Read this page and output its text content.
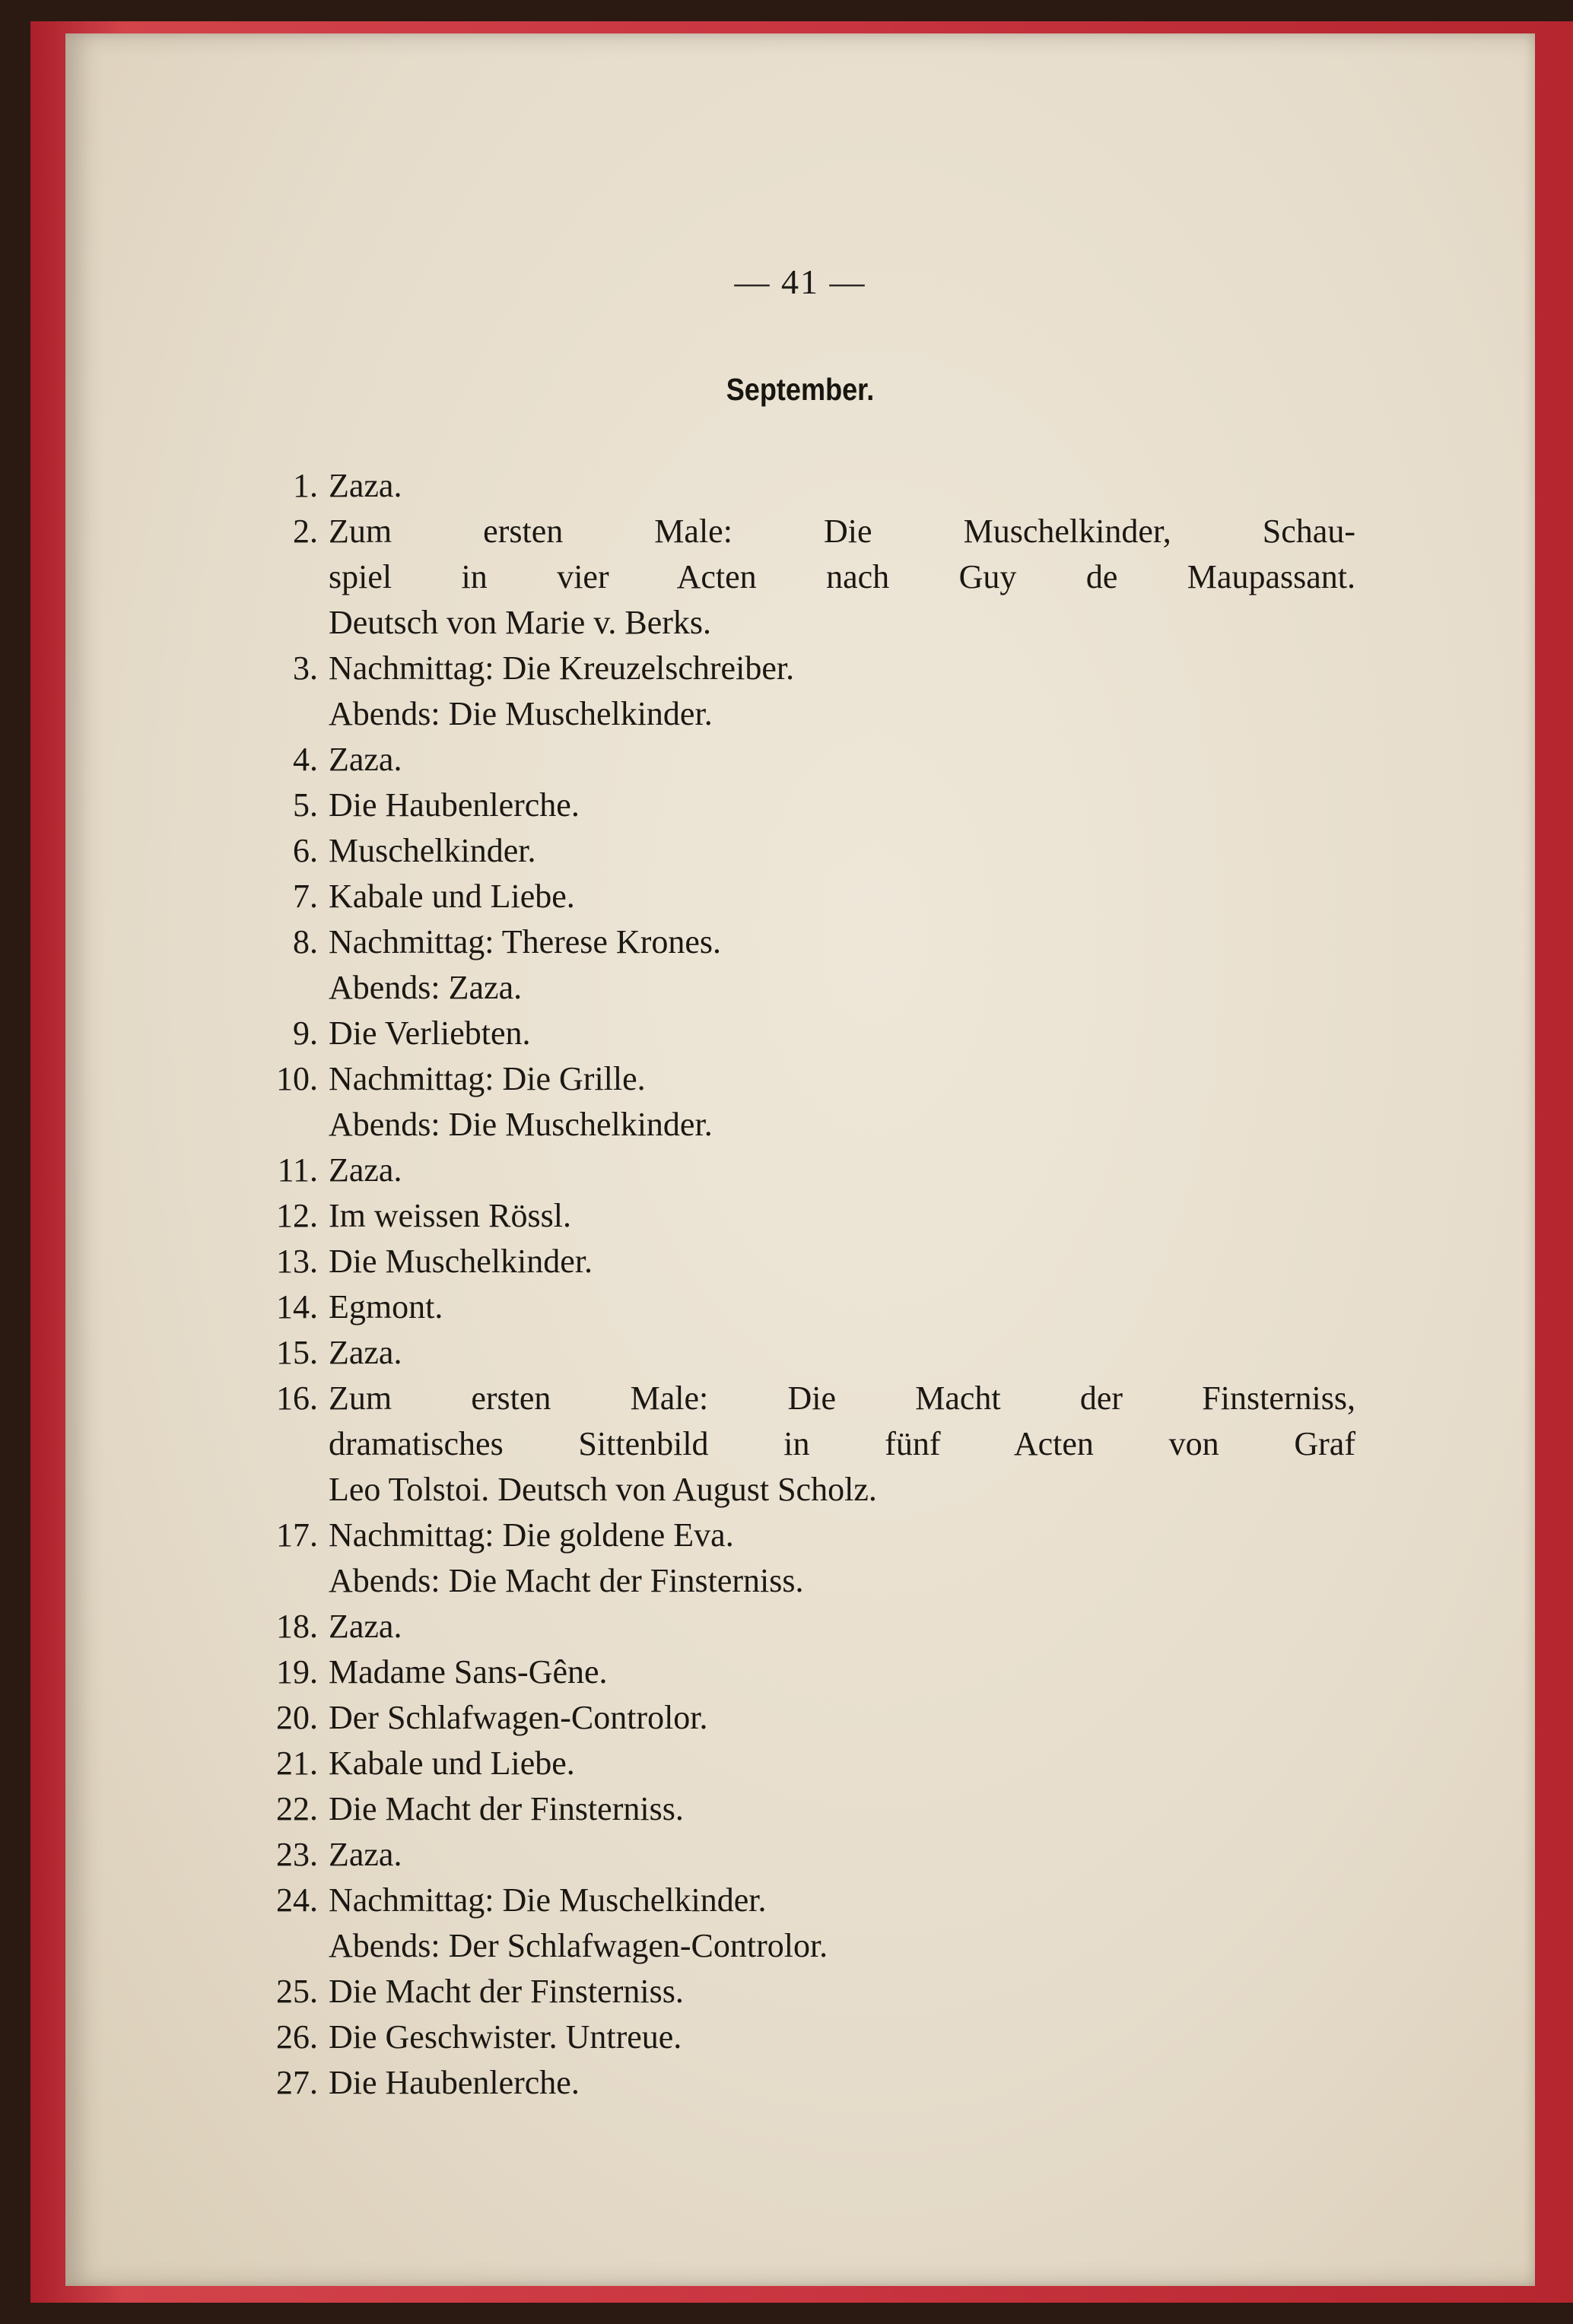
— 41 —
September.
1. Zaza.
2. Zum ersten Male: Die Muschelkinder, Schau-
spiel in vier Acten nach Guy de Maupassant.
Deutsch von Marie v. Berks.
3. Nachmittag: Die Kreuzelschreiber.
Abends: Die Muschelkinder.
4. Zaza.
5. Die Haubenlerche.
6. Muschelkinder.
7. Kabale und Liebe.
8. Nachmittag: Therese Krones.
Abends: Zaza.
9. Die Verliebten.
10. Nachmittag: Die Grille.
Abends: Die Muschelkinder.
11. Zaza.
12. Im weissen Rössl.
13. Die Muschelkinder.
14. Egmont.
15. Zaza.
16. Zum ersten Male: Die Macht der Finsterniss,
dramatisches Sittenbild in fünf Acten von Graf
Leo Tolstoi. Deutsch von August Scholz.
17. Nachmittag: Die goldene Eva.
Abends: Die Macht der Finsterniss.
18. Zaza.
19. Madame Sans-Gêne.
20. Der Schlafwagen-Controlor.
21. Kabale und Liebe.
22. Die Macht der Finsterniss.
23. Zaza.
24. Nachmittag: Die Muschelkinder.
Abends: Der Schlafwagen-Controlor.
25. Die Macht der Finsterniss.
26. Die Geschwister. Untreue.
27. Die Haubenlerche.
